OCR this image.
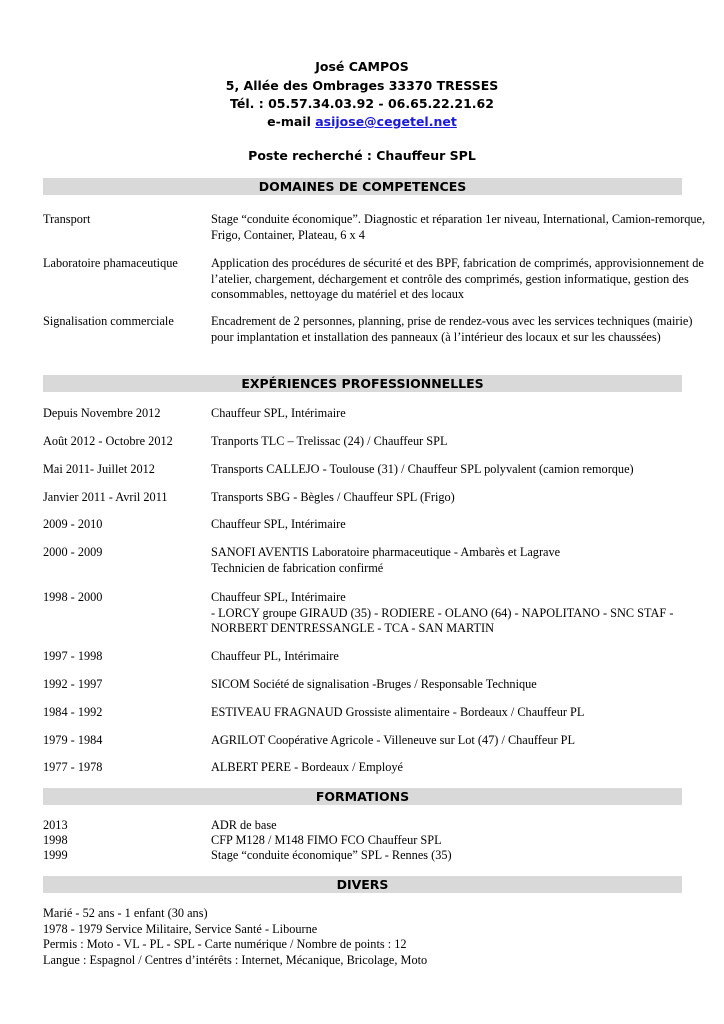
José CAMPOS
5, Allée des Ombrages 33370 TRESSES
Tél. : 05.57.34.03.92 - 06.65.22.21.62
e-mail asijose@cegetel.net
Poste recherché : Chauffeur SPL
DOMAINES DE COMPETENCES
Transport	Stage “conduite économique”. Diagnostic et réparation 1er niveau, International, Camion-remorque, Frigo, Container, Plateau, 6 x 4
Laboratoire phamaceutique	Application des procédures de sécurité et des BPF, fabrication de comprimés, approvisionnement de l’atelier, chargement, déchargement et contrôle des comprimés, gestion informatique, gestion des consommables, nettoyage du matériel et des locaux
Signalisation commerciale	Encadrement de 2 personnes, planning, prise de rendez-vous avec les services techniques (mairie) pour implantation et installation des panneaux (à l’intérieur des locaux et sur les chaussées)
EXPÉRIENCES PROFESSIONNELLES
Depuis Novembre 2012	Chauffeur SPL, Intérimaire
Août 2012 - Octobre 2012	Tranports TLC – Trelissac (24) / Chauffeur SPL
Mai 2011- Juillet 2012	Transports CALLEJO - Toulouse (31) / Chauffeur SPL polyvalent (camion remorque)
Janvier 2011 - Avril 2011	Transports SBG - Bègles / Chauffeur SPL (Frigo)
2009 - 2010	Chauffeur SPL, Intérimaire
2000 - 2009	SANOFI AVENTIS Laboratoire pharmaceutique - Ambarès et Lagrave
Technicien de fabrication confirmé
1998 - 2000	Chauffeur SPL, Intérimaire
- LORCY groupe GIRAUD (35) - RODIERE - OLANO (64) - NAPOLITANO - SNC STAF -
NORBERT DENTRESSANGLE - TCA - SAN MARTIN
1997 - 1998	Chauffeur PL, Intérimaire
1992 - 1997	SICOM Société de signalisation -Bruges / Responsable Technique
1984 - 1992	ESTIVEAU FRAGNAUD Grossiste alimentaire - Bordeaux / Chauffeur PL
1979 - 1984	AGRILOT Coopérative Agricole - Villeneuve sur Lot (47) / Chauffeur PL
1977 - 1978	ALBERT PERE - Bordeaux / Employé
FORMATIONS
2013	ADR de base
1998	CFP M128 / M148 FIMO FCO Chauffeur SPL
1999	Stage “conduite économique” SPL - Rennes (35)
DIVERS
Marié - 52 ans - 1 enfant (30 ans)
1978 - 1979 Service Militaire, Service Santé - Libourne
Permis : Moto - VL - PL - SPL - Carte numérique / Nombre de points : 12
Langue : Espagnol / Centres d’intérêts : Internet, Mécanique, Bricolage, Moto
